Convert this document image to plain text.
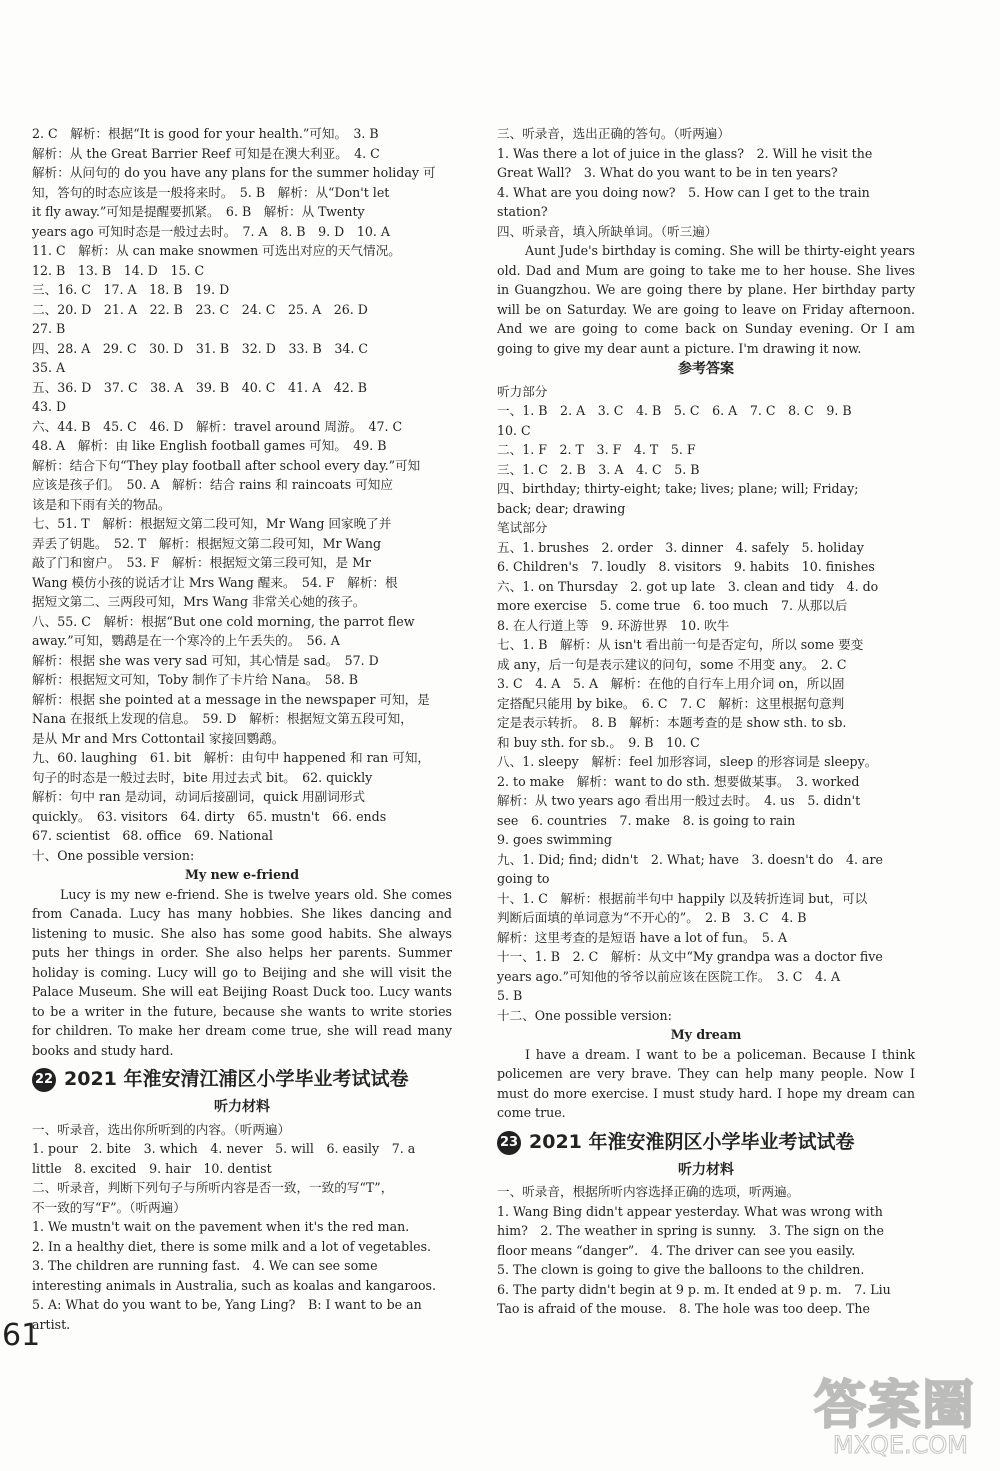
2. C　解析：根据“It is good for your health.”可知。　3. B
解析：从 the Great Barrier Reef 可知是在澳大利亚。　4. C
解析：从问句的 do you have any plans for the summer holiday 可
知，答句的时态应该是一般将来时。　5. B　解析：从“Don't let
it fly away.”可知是提醒要抓紧。　6. B　解析：从 Twenty
years ago 可知时态是一般过去时。　7. A　8. B　9. D　10. A
11. C　解析：从 can make snowmen 可选出对应的天气情况。
12. B　13. B　14. D　15. C
三、16. C　17. A　18. B　19. D
二、20. D　21. A　22. B　23. C　24. C　25. A　26. D
27. B
四、28. A　29. C　30. D　31. B　32. D　33. B　34. C
35. A
五、36. D　37. C　38. A　39. B　40. C　41. A　42. B
43. D
六、44. B　45. C　46. D　解析：travel around 周游。　47. C
48. A　解析：由 like English football games 可知。　49. B
解析：结合下句“They play football after school every day.”可知
应该是孩子们。　50. A　解析：结合 rains 和 raincoats 可知应
该是和下雨有关的物品。
七、51. T　解析：根据短文第二段可知，Mr Wang 回家晚了并
弄丢了钥匙。　52. T　解析：根据短文第二段可知，Mr Wang
敲了门和窗户。　53. F　解析：根据短文第三段可知，是 Mr
Wang 模仿小孩的说话才让 Mrs Wang 醒来。　54. F　解析：根
据短文第二、三两段可知，Mrs Wang 非常关心她的孩子。
八、55. C　解析：根据“But one cold morning, the parrot flew
away.”可知，鹦鹉是在一个寒冷的上午丢失的。　56. A
解析：根据 she was very sad 可知，其心情是 sad。　57. D
解析：根据短文可知，Toby 制作了卡片给 Nana。　58. B
解析：根据 she pointed at a message in the newspaper 可知，是
Nana 在报纸上发现的信息。　59. D　解析：根据短文第五段可知，
是从 Mr and Mrs Cottontail 家接回鹦鹉。
九、60. laughing　61. bit　解析：由句中 happened 和 ran 可知，
句子的时态是一般过去时，bite 用过去式 bit。　62. quickly
解析：句中 ran 是动词，动词后接副词，quick 用副词形式
quickly。　63. visitors　64. dirty　65. mustn't　66. ends
67. scientist　68. office　69. National
十、One possible version:
My new e-friend

Lucy is my new e-friend. She is twelve years old. She comes from Canada. Lucy has many hobbies. She likes dancing and listening to music. She also has some good habits. She always puts her things in order. She also helps her parents. Summer holiday is coming. Lucy will go to Beijing and she will visit the Palace Museum. She will eat Beijing Roast Duck too. Lucy wants to be a writer in the future, because she wants to write stories for children. To make her dream come true, she will read many books and study hard.

22 2021 年淮安清江浦区小学毕业考试试卷
听力材料
一、听录音，选出你所听到的内容。（听两遍）
1. pour　2. bite　3. which　4. never　5. will　6. easily　7. a
little　8. excited　9. hair　10. dentist
二、听录音，判断下列句子与所听内容是否一致，一致的写“T”，
不一致的写“F”。（听两遍）
1. We mustn't wait on the pavement when it's the red man.
2. In a healthy diet, there is some milk and a lot of vegetables.
3. The children are running fast.　4. We can see some
interesting animals in Australia, such as koalas and kangaroos.
5. A: What do you want to be, Yang Ling?　B: I want to be an
artist.
三、听录音，选出正确的答句。（听两遍）
1. Was there a lot of juice in the glass?　2. Will he visit the
Great Wall?　3. What do you want to be in ten years?
4. What are you doing now?　5. How can I get to the train
station?
四、听录音，填入所缺单词。（听三遍）

Aunt Jude's birthday is coming. She will be thirty-eight years old. Dad and Mum are going to take me to her house. She lives in Guangzhou. We are going there by plane. Her birthday party will be on Saturday. We are going to leave on Friday afternoon. And we are going to come back on Sunday evening. Or I am going to give my dear aunt a picture. I'm drawing it now.

参考答案
听力部分
一、1. B　2. A　3. C　4. B　5. C　6. A　7. C　8. C　9. B
10. C
二、1. F　2. T　3. F　4. T　5. F
三、1. C　2. B　3. A　4. C　5. B
四、birthday; thirty-eight; take; lives; plane; will; Friday;
back; dear; drawing
笔试部分
五、1. brushes　2. order　3. dinner　4. safely　5. holiday
6. Children's　7. loudly　8. visitors　9. habits　10. finishes
六、1. on Thursday　2. got up late　3. clean and tidy　4. do
more exercise　5. come true　6. too much　7. 从那以后
8. 在人行道上等　9. 环游世界　10. 吹牛
七、1. B　解析：从 isn't 看出前一句是否定句，所以 some 要变
成 any，后一句是表示建议的问句，some 不用变 any。　2. C
3. C　4. A　5. A　解析：在他的自行车上用介词 on，所以固
定搭配只能用 by bike。　6. C　7. C　解析：这里根据句意判
定是表示转折。　8. B　解析：本题考查的是 show sth. to sb.
和 buy sth. for sb.。　9. B　10. C
八、1. sleepy　解析：feel 加形容词，sleep 的形容词是 sleepy。
2. to make　解析：want to do sth. 想要做某事。　3. worked
解析：从 two years ago 看出用一般过去时。　4. us　5. didn't
see　6. countries　7. make　8. is going to rain
9. goes swimming
九、1. Did; find; didn't　2. What; have　3. doesn't do　4. are
going to
十、1. C　解析：根据前半句中 happily 以及转折连词 but，可以
判断后面填的单词意为“不开心的”。　2. B　3. C　4. B
解析：这里考查的是短语 have a lot of fun。　5. A
十一、1. B　2. C　解析：从文中“My grandpa was a doctor five
years ago.”可知他的爷爷以前应该在医院工作。　3. C　4. A
5. B
十二、One possible version:
My dream

I have a dream. I want to be a policeman. Because I think policemen are very brave. They can help many people. Now I must do more exercise. I must study hard. I hope my dream can come true.

23 2021 年淮安淮阴区小学毕业考试试卷
听力材料
一、听录音，根据所听内容选择正确的选项，听两遍。
1. Wang Bing didn't appear yesterday. What was wrong with
him?　2. The weather in spring is sunny.　3. The sign on the
floor means “danger”.　4. The driver can see you easily.
5. The clown is going to give the balloons to the children.
6. The party didn't begin at 9 p. m. It ended at 9 p. m.　7. Liu
Tao is afraid of the mouse.　8. The hole was too deep. The
61
答案圈
MXQE.COM
